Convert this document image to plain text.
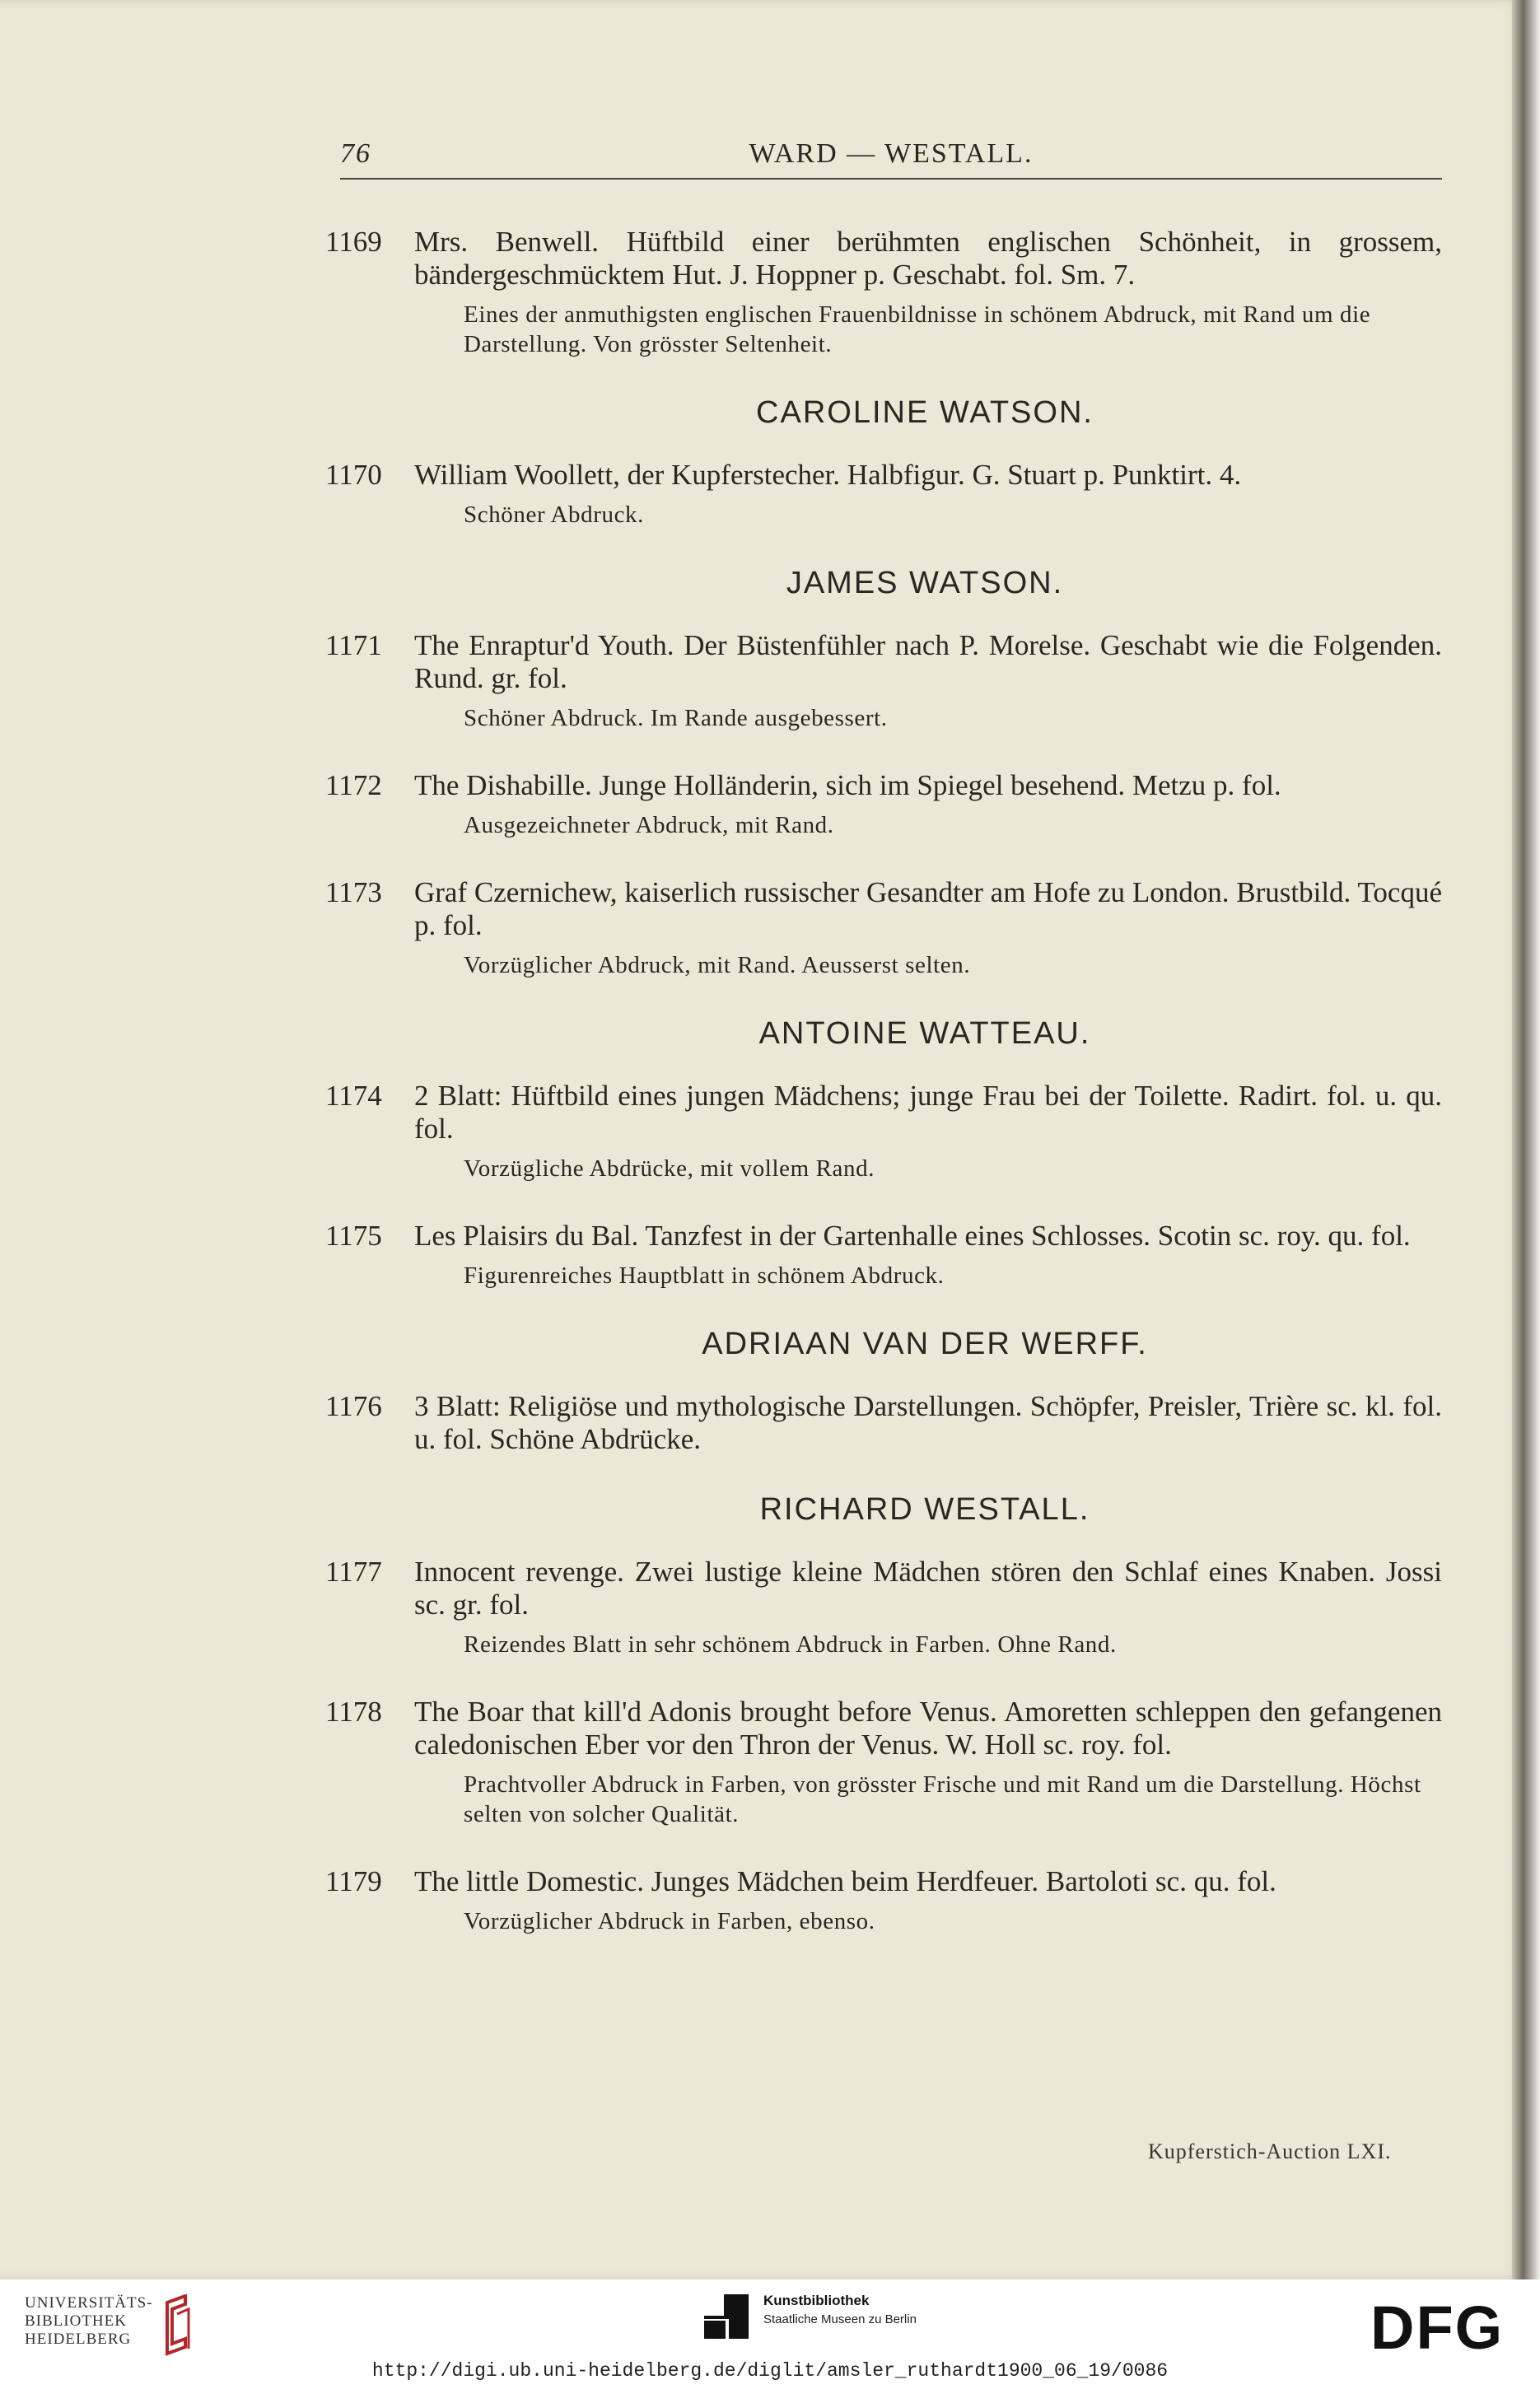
76	WARD — WESTALL.
1169 Mrs. Benwell. Hüftbild einer berühmten englischen Schönheit, in grossem, bändergeschmücktem Hut. J. Hoppner p. Geschabt. fol. Sm. 7.
Eines der anmuthigsten englischen Frauenbildnisse in schönem Abdruck, mit Rand um die Darstellung. Von grösster Seltenheit.
CAROLINE WATSON.
1170 William Woollett, der Kupferstecher. Halbfigur. G. Stuart p. Punktirt. 4.
Schöner Abdruck.
JAMES WATSON.
1171 The Enraptur'd Youth. Der Büstenfühler nach P. Morelse. Geschabt wie die Folgenden. Rund. gr. fol.
Schöner Abdruck. Im Rande ausgebessert.
1172 The Dishabille. Junge Holländerin, sich im Spiegel besehend. Metzu p. fol.
Ausgezeichneter Abdruck, mit Rand.
1173 Graf Czernichew, kaiserlich russischer Gesandter am Hofe zu London. Brustbild. Tocqué p. fol.
Vorzüglicher Abdruck, mit Rand. Aeusserst selten.
ANTOINE WATTEAU.
1174 2 Blatt: Hüftbild eines jungen Mädchens; junge Frau bei der Toilette. Radirt. fol. u. qu. fol.
Vorzügliche Abdrücke, mit vollem Rand.
1175 Les Plaisirs du Bal. Tanzfest in der Gartenhalle eines Schlosses. Scotin sc. roy. qu. fol.
Figurenreiches Hauptblatt in schönem Abdruck.
ADRIAAN VAN DER WERFF.
1176 3 Blatt: Religiöse und mythologische Darstellungen. Schöpfer, Preisler, Trière sc. kl. fol. u. fol. Schöne Abdrücke.
RICHARD WESTALL.
1177 Innocent revenge. Zwei lustige kleine Mädchen stören den Schlaf eines Knaben. Jossi sc. gr. fol.
Reizendes Blatt in sehr schönem Abdruck in Farben. Ohne Rand.
1178 The Boar that kill'd Adonis brought before Venus. Amoretten schleppen den gefangenen caledonischen Eber vor den Thron der Venus. W. Holl sc. roy. fol.
Prachtvoller Abdruck in Farben, von grösster Frische und mit Rand um die Darstellung. Höchst selten von solcher Qualität.
1179 The little Domestic. Junges Mädchen beim Herdfeuer. Bartoloti sc. qu. fol.
Vorzüglicher Abdruck in Farben, ebenso.
Kupferstich-Auction LXI.
UNIVERSITÄTS-
BIBLIOTHEK
HEIDELBERG
Kunstbibliothek
Staatliche Museen zu Berlin	DFG
http://digi.ub.uni-heidelberg.de/diglit/amsler_ruthardt1900_06_19/0086
